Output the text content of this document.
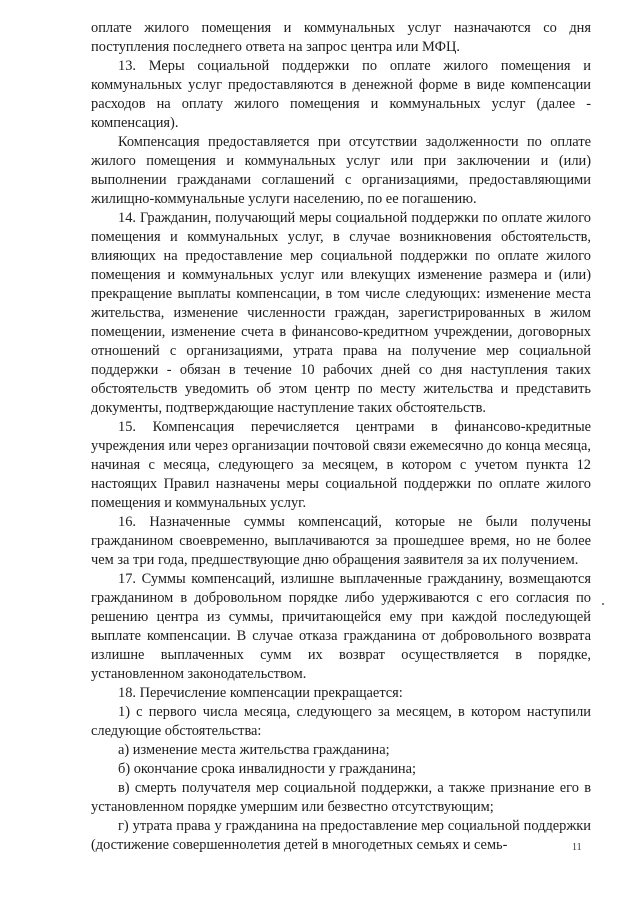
оплате жилого помещения и коммунальных услуг назначаются со дня поступления последнего ответа на запрос центра или МФЦ.

13. Меры социальной поддержки по оплате жилого помещения и коммунальных услуг предоставляются в денежной форме в виде компенсации расходов на оплату жилого помещения и коммунальных услуг (далее - компенсация).

Компенсация предоставляется при отсутствии задолженности по оплате жилого помещения и коммунальных услуг или при заключении и (или) выполнении гражданами соглашений с организациями, предоставляющими жилищно-коммунальные услуги населению, по ее погашению.

14. Гражданин, получающий меры социальной поддержки по оплате жилого помещения и коммунальных услуг, в случае возникновения обстоятельств, влияющих на предоставление мер социальной поддержки по оплате жилого помещения и коммунальных услуг или влекущих изменение размера и (или) прекращение выплаты компенсации, в том числе следующих: изменение места жительства, изменение численности граждан, зарегистрированных в жилом помещении, изменение счета в финансово-кредитном учреждении, договорных отношений с организациями, утрата права на получение мер социальной поддержки - обязан в течение 10 рабочих дней со дня наступления таких обстоятельств уведомить об этом центр по месту жительства и представить документы, подтверждающие наступление таких обстоятельств.

15. Компенсация перечисляется центрами в финансово-кредитные учреждения или через организации почтовой связи ежемесячно до конца месяца, начиная с месяца, следующего за месяцем, в котором с учетом пункта 12 настоящих Правил назначены меры социальной поддержки по оплате жилого помещения и коммунальных услуг.

16. Назначенные суммы компенсаций, которые не были получены гражданином своевременно, выплачиваются за прошедшее время, но не более чем за три года, предшествующие дню обращения заявителя за их получением.

17. Суммы компенсаций, излишне выплаченные гражданину, возмещаются гражданином в добровольном порядке либо удерживаются с его согласия по решению центра из суммы, причитающейся ему при каждой последующей выплате компенсации. В случае отказа гражданина от добровольного возврата излишне выплаченных сумм их возврат осуществляется в порядке, установленном законодательством.

18. Перечисление компенсации прекращается:

1) с первого числа месяца, следующего за месяцем, в котором наступили следующие обстоятельства:

а) изменение места жительства гражданина;

б) окончание срока инвалидности у гражданина;

в) смерть получателя мер социальной поддержки, а также признание его в установленном порядке умершим или безвестно отсутствующим;

г) утрата права у гражданина на предоставление мер социальной поддержки (достижение совершеннолетия детей в многодетных семьях и семь-	11
